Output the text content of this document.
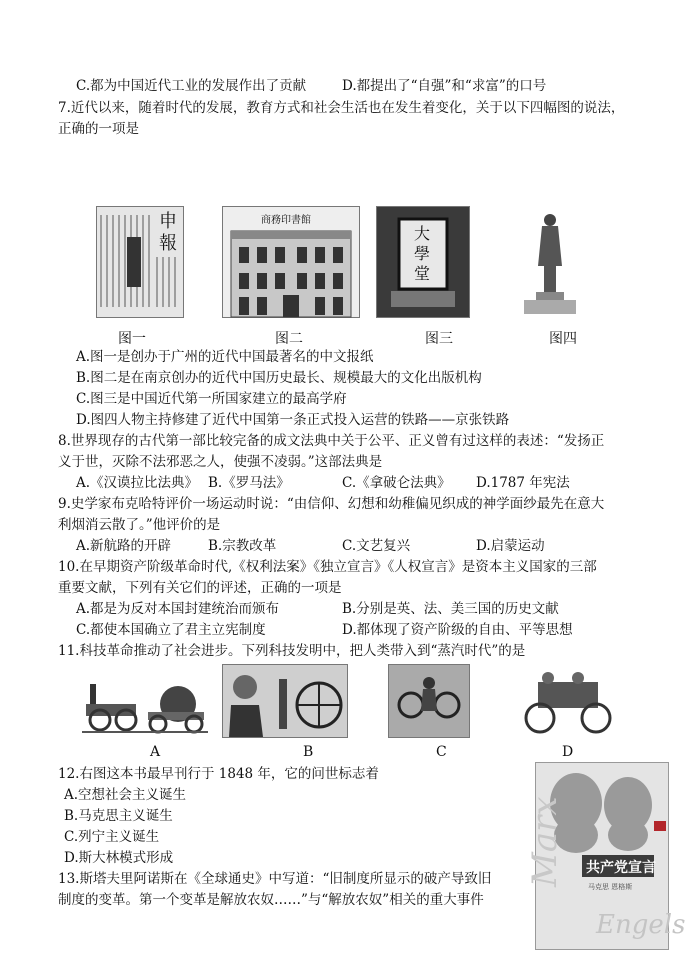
C.都为中国近代工业的发展作出了贡献	D.都提出了“自强”和“求富”的口号
7.近代以来，随着时代的发展，教育方式和社会生活也在发生着变化，关于以下四幅图的说法，
正确的一项是
申
報
图一
商務印書館
图二
大
學
堂
图三	图四
A.图一是创办于广州的近代中国最著名的中文报纸
B.图二是在南京创办的近代中国历史最长、规模最大的文化出版机构
C.图三是中国近代第一所国家建立的最高学府
D.图四人物主持修建了近代中国第一条正式投入运营的铁路——京张铁路
8.世界现存的古代第一部比较完备的成文法典中关于公平、正义曾有过这样的表述：“发扬正
义于世，灭除不法邪恶之人，使强不凌弱。”这部法典是
A.《汉谟拉比法典》 B.《罗马法》	C.《拿破仑法典》 D.1787 年宪法
9.史学家布克哈特评价一场运动时说：“由信仰、幻想和幼稚偏见织成的神学面纱最先在意大
利烟消云散了。”他评价的是
A.新航路的开辟	B.宗教改革	C.文艺复兴	D.启蒙运动
10.在早期资产阶级革命时代,《权利法案》《独立宣言》《人权宣言》是资本主义国家的三部
重要文献，下列有关它们的评述，正确的一项是
A.都是为反对本国封建统治而颁布	B.分别是英、法、美三国的历史文献
C.都使本国确立了君主立宪制度	D.都体现了资产阶级的自由、平等思想
11.科技革命推动了社会进步。下列科技发明中，把人类带入到“蒸汽时代”的是
A	B	C	D
12.右图这本书最早刊行于 1848 年，它的问世标志着
A.空想社会主义诞生
B.马克思主义诞生
C.列宁主义诞生
D.斯大林模式形成	Marx
Engels
共产党宣言
马克思 恩格斯
13.斯塔夫里阿诺斯在《全球通史》中写道：“旧制度所显示的破产导致旧
制度的变革。第一个变革是解放农奴……”与“解放农奴”相关的重大事件
